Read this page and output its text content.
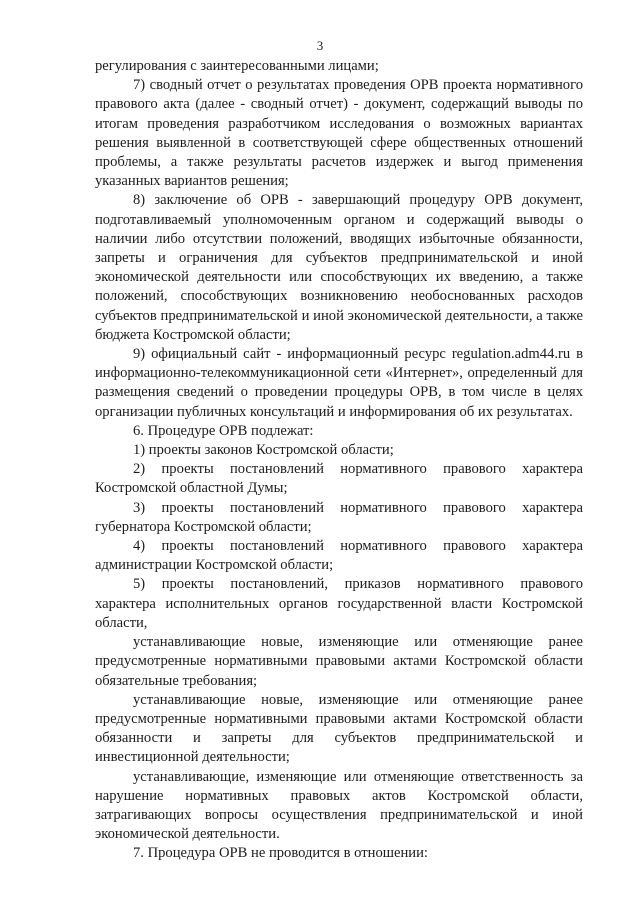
3

регулирования с заинтересованными лицами;

7) сводный отчет о результатах проведения ОРВ проекта нормативного правового акта (далее - сводный отчет) - документ, содержащий выводы по итогам проведения разработчиком исследования о возможных вариантах решения выявленной в соответствующей сфере общественных отношений проблемы, а также результаты расчетов издержек и выгод применения указанных вариантов решения;

8) заключение об ОРВ - завершающий процедуру ОРВ документ, подготавливаемый уполномоченным органом и содержащий выводы о наличии либо отсутствии положений, вводящих избыточные обязанности, запреты и ограничения для субъектов предпринимательской и иной экономической деятельности или способствующих их введению, а также положений, способствующих возникновению необоснованных расходов субъектов предпринимательской и иной экономической деятельности, а также бюджета Костромской области;

9) официальный сайт - информационный ресурс regulation.adm44.ru в информационно-телекоммуникационной сети «Интернет», определенный для размещения сведений о проведении процедуры ОРВ, в том числе в целях организации публичных консультаций и информирования об их результатах.

6. Процедуре ОРВ подлежат:

1) проекты законов Костромской области;

2) проекты постановлений нормативного правового характера Костромской областной Думы;

3) проекты постановлений нормативного правового характера губернатора Костромской области;

4) проекты постановлений нормативного правового характера администрации Костромской области;

5) проекты постановлений, приказов нормативного правового характера исполнительных органов государственной власти Костромской области,

устанавливающие новые, изменяющие или отменяющие ранее предусмотренные нормативными правовыми актами Костромской области обязательные требования;

устанавливающие новые, изменяющие или отменяющие ранее предусмотренные нормативными правовыми актами Костромской области обязанности и запреты для субъектов предпринимательской и инвестиционной деятельности;

устанавливающие, изменяющие или отменяющие ответственность за нарушение нормативных правовых актов Костромской области, затрагивающих вопросы осуществления предпринимательской и иной экономической деятельности.

7. Процедура ОРВ не проводится в отношении:
